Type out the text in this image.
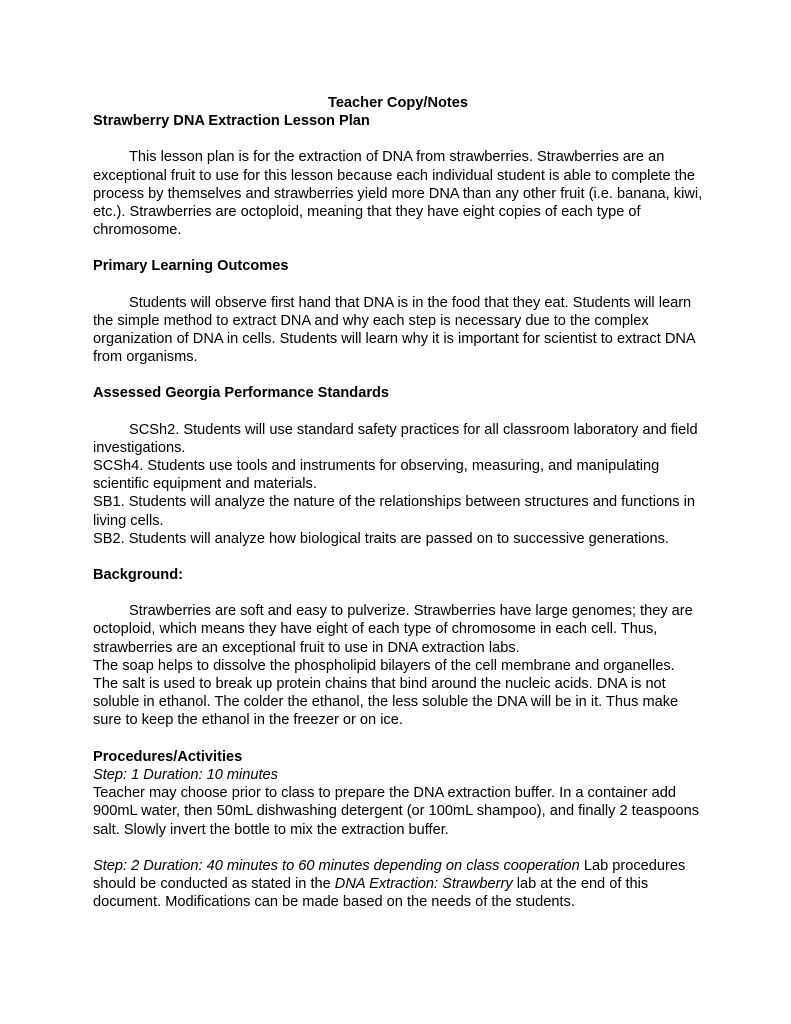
Teacher Copy/Notes

Strawberry DNA Extraction Lesson Plan

This lesson plan is for the extraction of DNA from strawberries. Strawberries are an exceptional fruit to use for this lesson because each individual student is able to complete the process by themselves and strawberries yield more DNA than any other fruit (i.e. banana, kiwi, etc.). Strawberries are octoploid, meaning that they have eight copies of each type of chromosome.

Primary Learning Outcomes

Students will observe first hand that DNA is in the food that they eat. Students will learn the simple method to extract DNA and why each step is necessary due to the complex organization of DNA in cells. Students will learn why it is important for scientist to extract DNA from organisms.

Assessed Georgia Performance Standards

SCSh2. Students will use standard safety practices for all classroom laboratory and field investigations.

SCSh4. Students use tools and instruments for observing, measuring, and manipulating scientific equipment and materials.

SB1. Students will analyze the nature of the relationships between structures and functions in living cells.

SB2. Students will analyze how biological traits are passed on to successive generations.

Background:

Strawberries are soft and easy to pulverize. Strawberries have large genomes; they are octoploid, which means they have eight of each type of chromosome in each cell. Thus, strawberries are an exceptional fruit to use in DNA extraction labs.

The soap helps to dissolve the phospholipid bilayers of the cell membrane and organelles. The salt is used to break up protein chains that bind around the nucleic acids. DNA is not soluble in ethanol. The colder the ethanol, the less soluble the DNA will be in it. Thus make sure to keep the ethanol in the freezer or on ice.

Procedures/Activities

Step: 1 Duration: 10 minutes

Teacher may choose prior to class to prepare the DNA extraction buffer. In a container add 900mL water, then 50mL dishwashing detergent (or 100mL shampoo), and finally 2 teaspoons salt. Slowly invert the bottle to mix the extraction buffer.

Step: 2 Duration: 40 minutes to 60 minutes depending on class cooperation Lab procedures should be conducted as stated in the DNA Extraction: Strawberry lab at the end of this document. Modifications can be made based on the needs of the students.
